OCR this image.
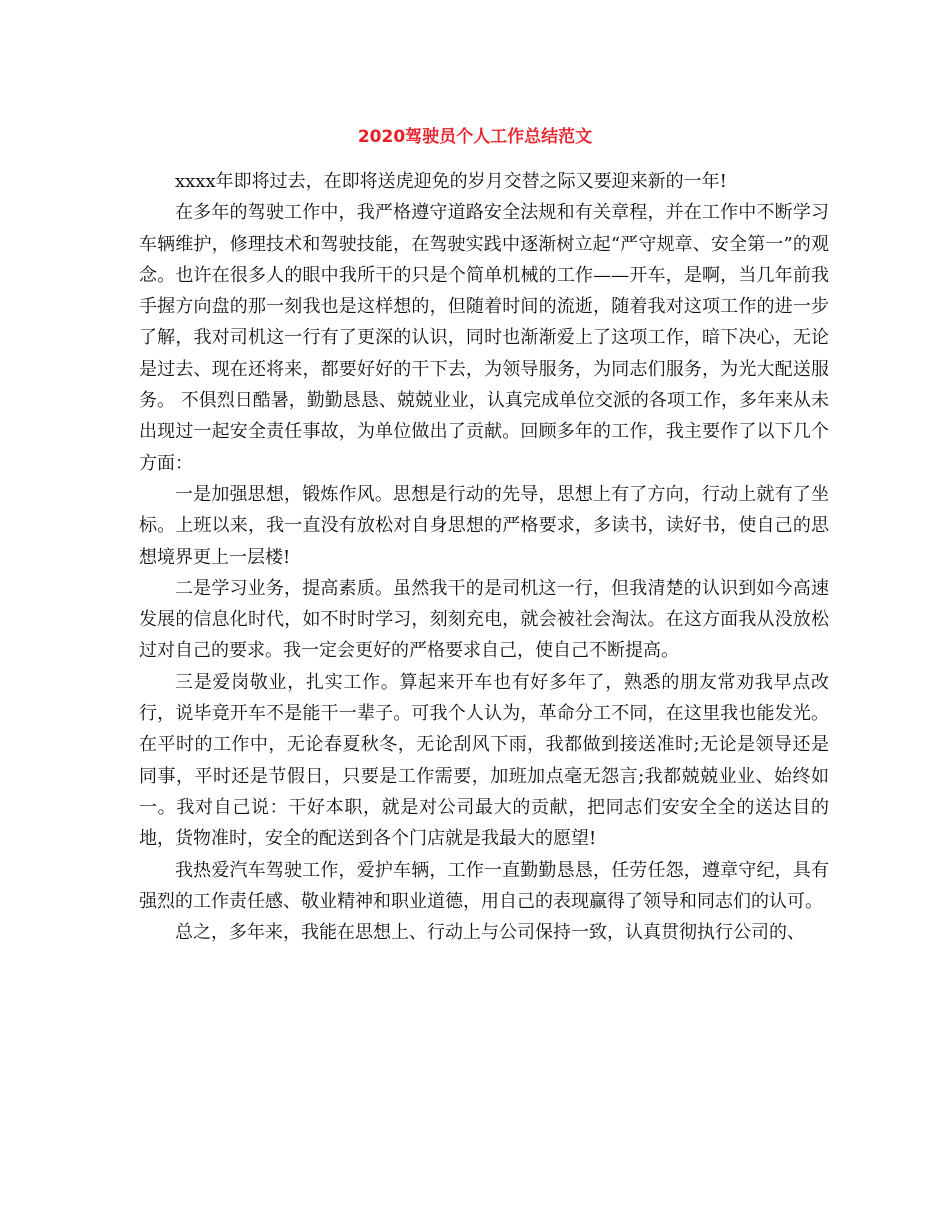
2020驾驶员个人工作总结范文

xxxx年即将过去，在即将送虎迎免的岁月交替之际又要迎来新的一年!

在多年的驾驶工作中，我严格遵守道路安全法规和有关章程，并在工作中不断学习车辆维护，修理技术和驾驶技能，在驾驶实践中逐渐树立起“严守规章、安全第一”的观念。也许在很多人的眼中我所干的只是个简单机械的工作——开车，是啊，当几年前我手握方向盘的那一刻我也是这样想的，但随着时间的流逝，随着我对这项工作的进一步了解，我对司机这一行有了更深的认识，同时也渐渐爱上了这项工作，暗下决心，无论是过去、现在还将来，都要好好的干下去，为领导服务，为同志们服务，为光大配送服务。 不俱烈日酷暑，勤勤恳恳、兢兢业业，认真完成单位交派的各项工作，多年来从未出现过一起安全责任事故，为单位做出了贡献。回顾多年的工作，我主要作了以下几个方面：

一是加强思想，锻炼作风。思想是行动的先导，思想上有了方向，行动上就有了坐标。上班以来，我一直没有放松对自身思想的严格要求，多读书，读好书，使自己的思想境界更上一层楼!

二是学习业务，提高素质。虽然我干的是司机这一行，但我清楚的认识到如今高速发展的信息化时代，如不时时学习，刻刻充电，就会被社会淘汰。在这方面我从没放松过对自己的要求。我一定会更好的严格要求自己，使自己不断提高。

三是爱岗敬业，扎实工作。算起来开车也有好多年了，熟悉的朋友常劝我早点改行，说毕竟开车不是能干一辈子。可我个人认为，革命分工不同，在这里我也能发光。在平时的工作中，无论春夏秋冬，无论刮风下雨，我都做到接送准时;无论是领导还是同事，平时还是节假日，只要是工作需要，加班加点毫无怨言;我都兢兢业业、始终如一。我对自己说：干好本职，就是对公司最大的贡献，把同志们安安全全的送达目的地，货物准时，安全的配送到各个门店就是我最大的愿望!

我热爱汽车驾驶工作，爱护车辆，工作一直勤勤恳恳，任劳任怨，遵章守纪，具有强烈的工作责任感、敬业精神和职业道德，用自己的表现赢得了领导和同志们的认可。

总之，多年来，我能在思想上、行动上与公司保持一致，认真贯彻执行公司的、
